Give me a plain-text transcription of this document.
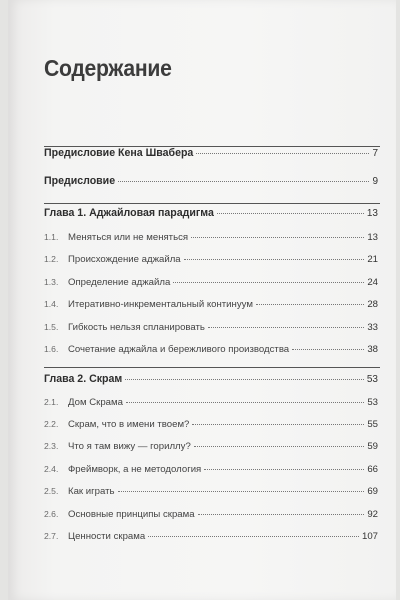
Содержание
Предисловие Кена Швабера	7
Предисловие	9
Глава 1. Аджайловая парадигма	13
1.1.	Меняться или не меняться	13
1.2.	Происхождение аджайла	21
1.3.	Определение аджайла	24
1.4.	Итеративно-инкрементальный континуум	28
1.5.	Гибкость нельзя спланировать	33
1.6.	Сочетание аджайла и бережливого производства	38
Глава 2. Скрам	53
2.1.	Дом Скрама	53
2.2.	Скрам, что в имени твоем?	55
2.3.	Что я там вижу — гориллу?	59
2.4.	Фреймворк, а не методология	66
2.5.	Как играть	69
2.6.	Основные принципы скрама	92
2.7.	Ценности скрама	107
